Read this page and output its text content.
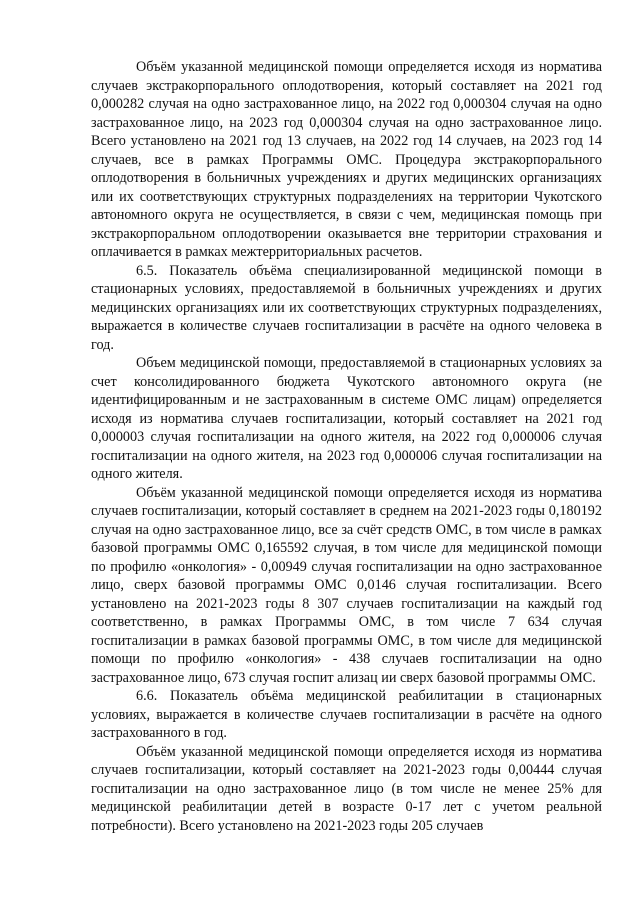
Объём указанной медицинской помощи определяется исходя из норматива случаев экстракорпорального оплодотворения, который составляет на 2021 год 0,000282 случая на одно застрахованное лицо, на 2022 год 0,000304 случая на одно застрахованное лицо, на 2023 год 0,000304 случая на одно застрахованное лицо. Всего установлено на 2021 год 13 случаев, на 2022 год 14 случаев, на 2023 год 14 случаев, все в рамках Программы ОМС. Процедура экстракорпорального оплодотворения в больничных учреждениях и других медицинских организациях или их соответствующих структурных подразделениях на территории Чукотского автономного округа не осуществляется, в связи с чем, медицинская помощь при экстракорпоральном оплодотворении оказывается вне территории страхования и оплачивается в рамках межтерриториальных расчетов.

6.5. Показатель объёма специализированной медицинской помощи в стационарных условиях, предоставляемой в больничных учреждениях и других медицинских организациях или их соответствующих структурных подразделениях, выражается в количестве случаев госпитализации в расчёте на одного человека в год.

Объем медицинской помощи, предоставляемой в стационарных условиях за счет консолидированного бюджета Чукотского автономного округа (не идентифицированным и не застрахованным в системе ОМС лицам) определяется исходя из норматива случаев госпитализации, который составляет на 2021 год 0,000003 случая госпитализации на одного жителя, на 2022 год 0,000006 случая госпитализации на одного жителя, на 2023 год 0,000006 случая госпитализации на одного жителя.

Объём указанной медицинской помощи определяется исходя из норматива случаев госпитализации, который составляет в среднем на 2021-2023 годы 0,180192 случая на одно застрахованное лицо, все за счёт средств ОМС, в том числе в рамках базовой программы ОМС 0,165592 случая, в том числе для медицинской помощи по профилю «онкология» - 0,00949 случая госпитализации на одно застрахованное лицо, сверх базовой программы ОМС 0,0146 случая госпитализации. Всего установлено на 2021-2023 годы 8 307 случаев госпитализации на каждый год соответственно, в рамках Программы ОМС, в том числе 7 634 случая госпитализации в рамках базовой программы ОМС, в том числе для медицинской помощи по профилю «онкология» - 438 случаев госпитализации на одно застрахованное лицо, 673 случая госпит ализац ии сверх базовой программы ОМС.

6.6. Показатель объёма медицинской реабилитации в стационарных условиях, выражается в количестве случаев госпитализации в расчёте на одного застрахованного в год.

Объём указанной медицинской помощи определяется исходя из норматива случаев госпитализации, который составляет на 2021-2023 годы 0,00444 случая госпитализации на одно застрахованное лицо (в том числе не менее 25% для медицинской реабилитации детей в возрасте 0-17 лет с учетом реальной потребности). Всего установлено на 2021-2023 годы 205 случаев
